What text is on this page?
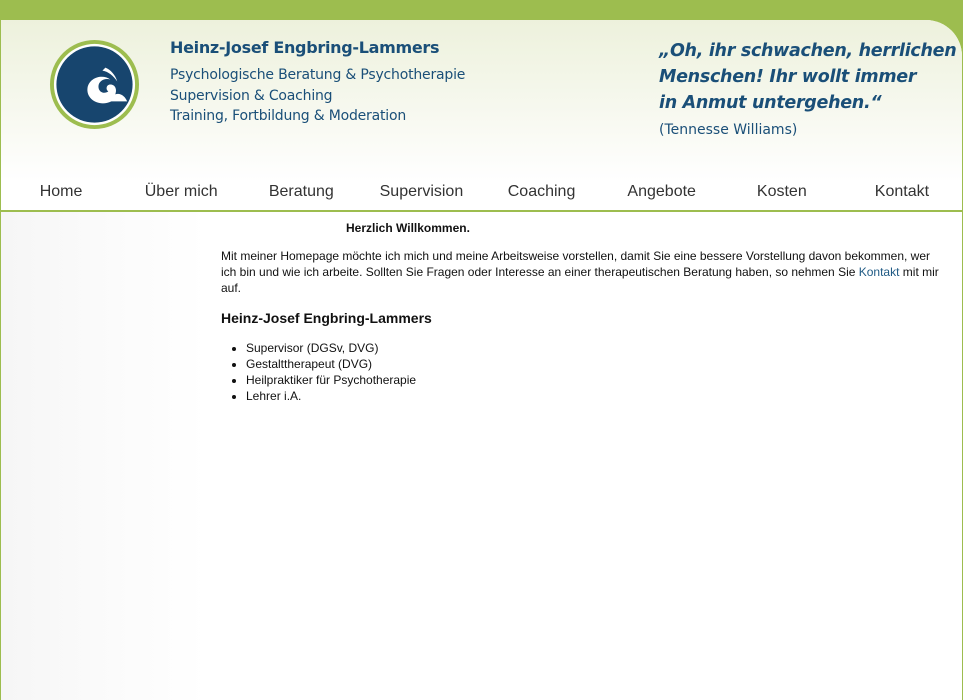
Heinz-Josef Engbring-Lammers
Psychologische Beratung & Psychotherapie
Supervision & Coaching
Training, Fortbildung & Moderation
„Oh, ihr schwachen, herrlichen
Menschen! Ihr wollt immer
in Anmut untergehen.“
(Tennesse Williams)
Home	Über mich	Beratung	Supervision	Coaching	Angebote	Kosten	Kontakt
Herzlich Willkommen.

Mit meiner Homepage möchte ich mich und meine Arbeitsweise vorstellen, damit Sie eine bessere Vorstellung davon bekommen, wer ich bin und wie ich arbeite. Sollten Sie Fragen oder Interesse an einer therapeutischen Beratung haben, so nehmen Sie Kontakt mit mir auf.

Heinz-Josef Engbring-Lammers
• Supervisor (DGSv, DVG)
• Gestalttherapeut (DVG)
• Heilpraktiker für Psychotherapie
• Lehrer i.A.
